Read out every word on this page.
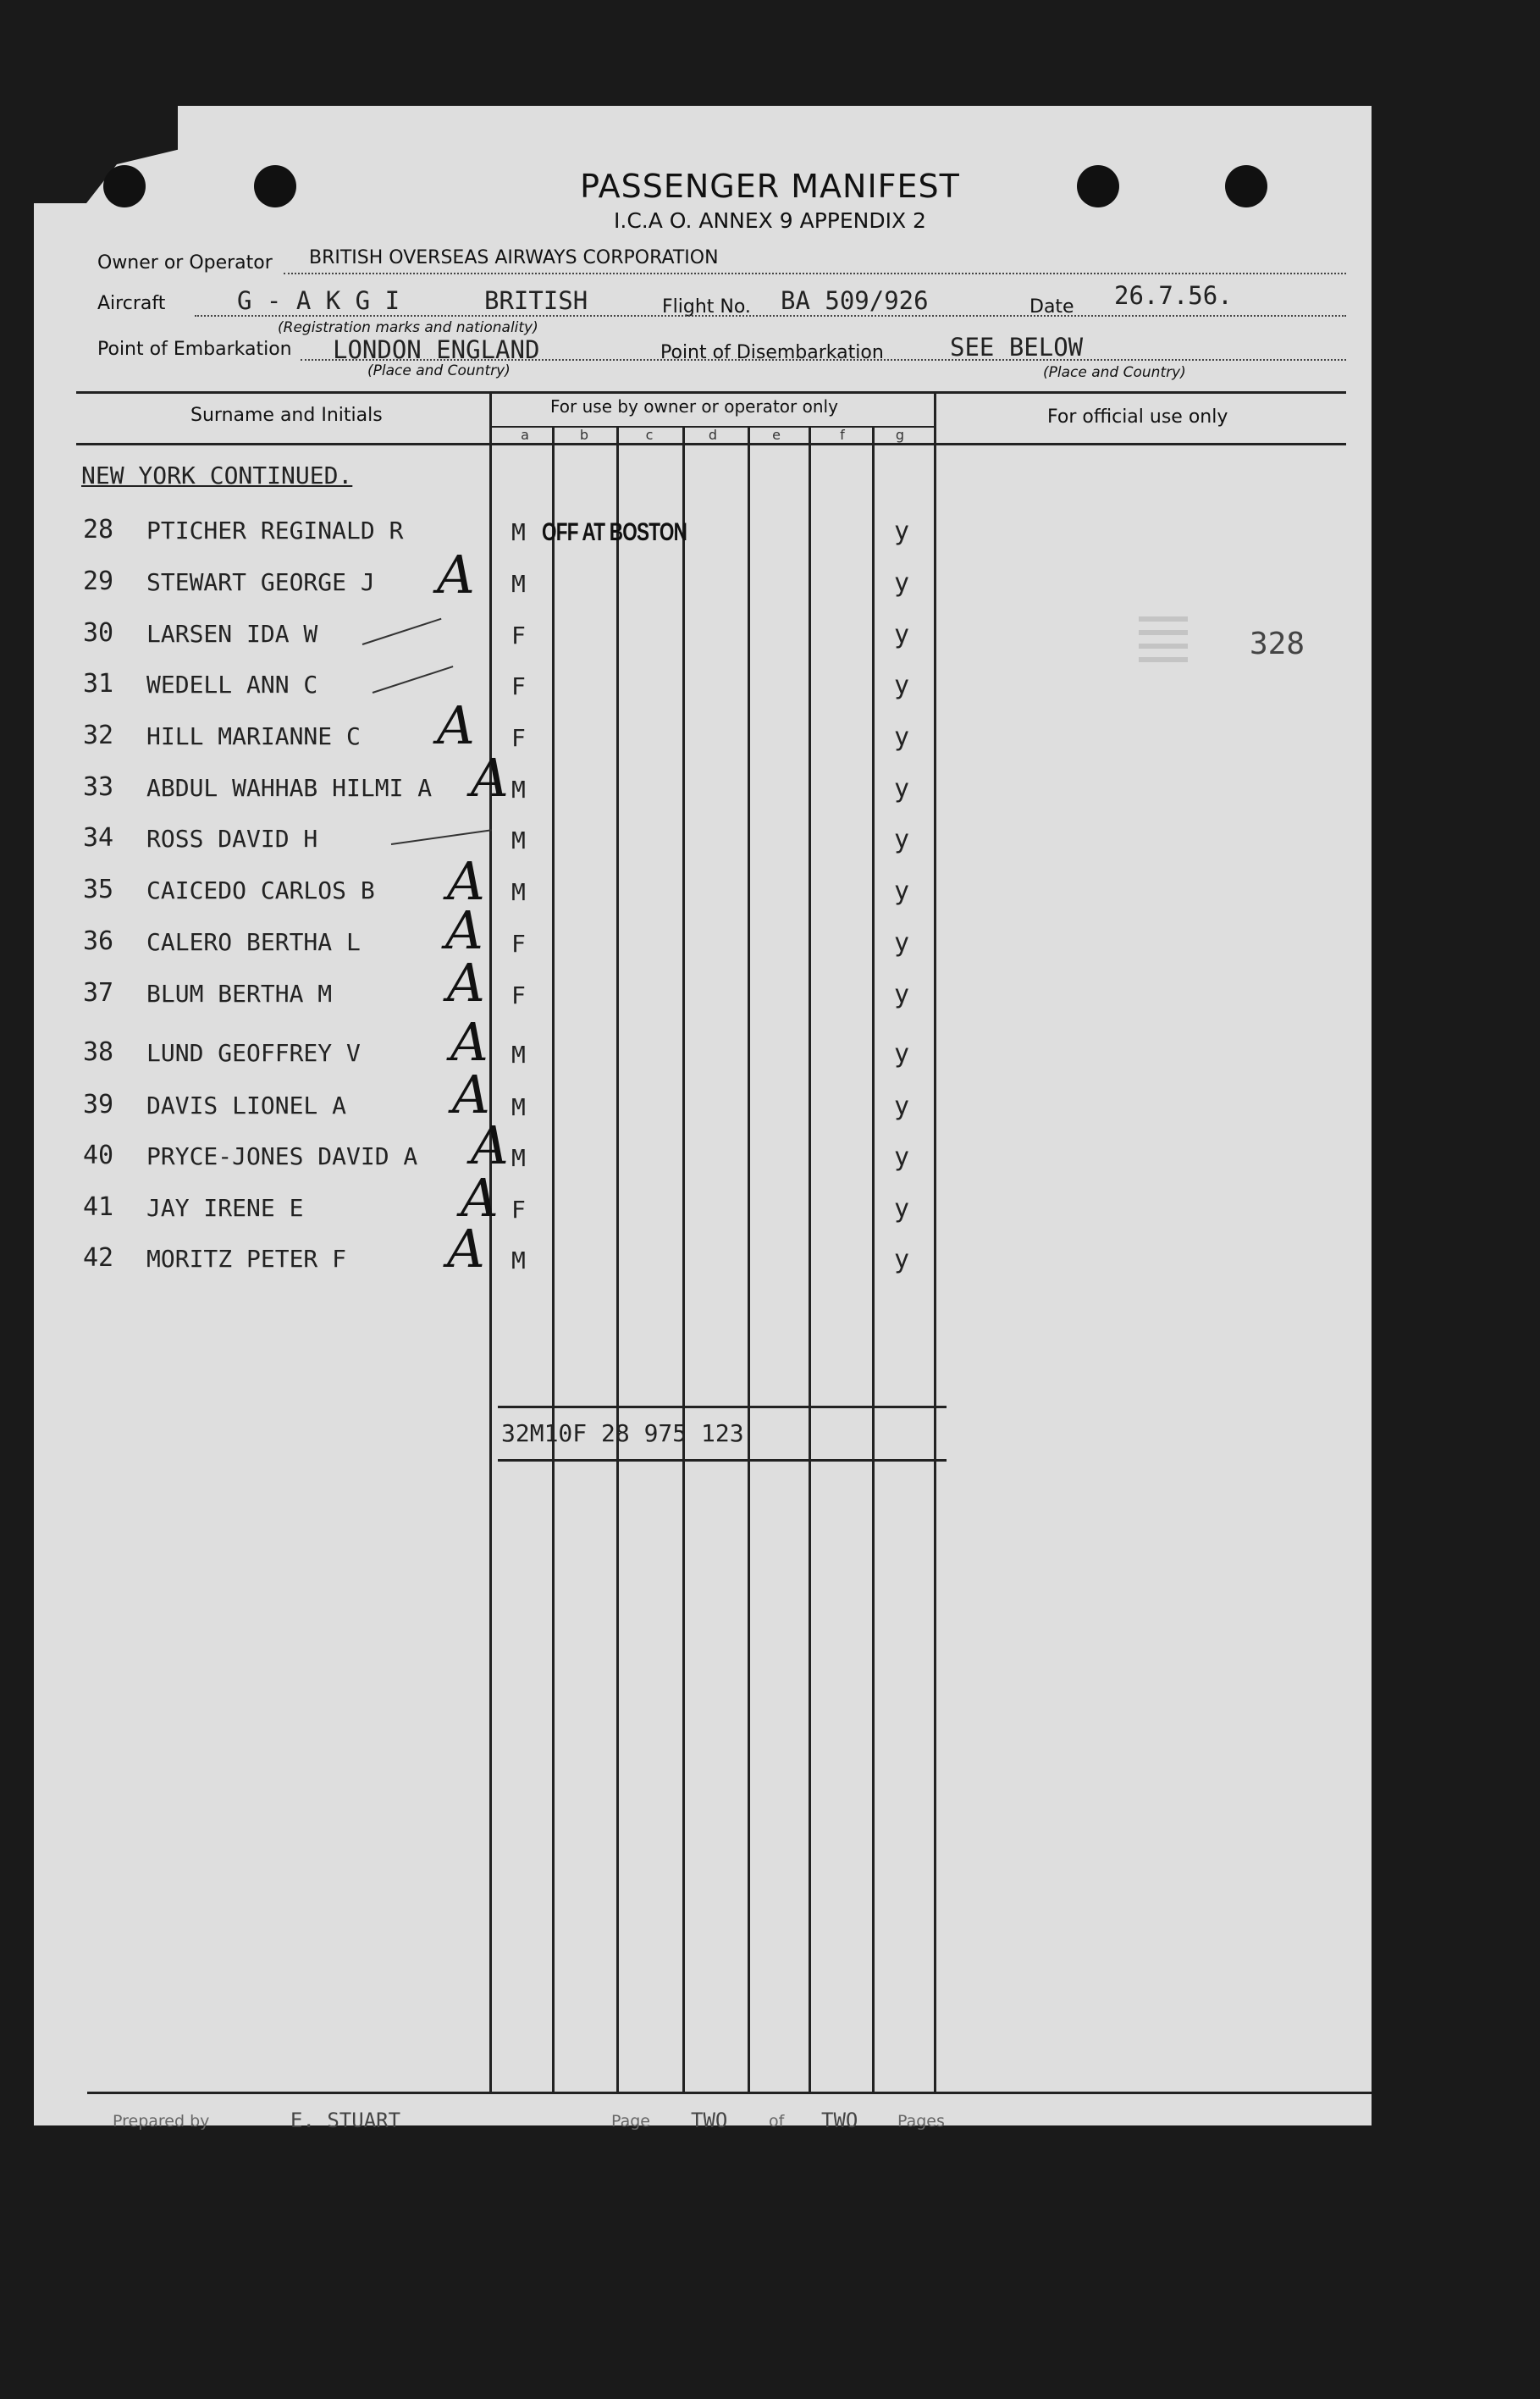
PASSENGER MANIFEST
I.C.A O. ANNEX 9 APPENDIX 2
Owner or Operator BRITISH OVERSEAS AIRWAYS CORPORATION
Aircraft	G - A K G I	BRITISH
(Registration marks and nationality)
Flight No. BA 509/926	Date 26.7.56.
Point of Embarkation LONDON ENGLAND
(Place and Country)
Point of Disembarkation	SEE BELOW
(Place and Country)
Surname and Initials	For use by owner or operator only	For official use only
a	b	c	d	e	f	g
NEW YORK CONTINUED.
28 PTICHER REGINALD R	M	y
OFF AT BOSTON
29 STEWART GEORGE J	M	y
A
30 LARSEN IDA W	F	y
31 WEDELL ANN C	F	y
32 HILL MARIANNE C	F	y
A
33 ABDUL WAHHAB HILMI A	M	y
A
34 ROSS DAVID H	M	y
35 CAICEDO CARLOS B	M	y
A
36 CALERO BERTHA L	F	y
A
37 BLUM BERTHA M	F	y
A
38 LUND GEOFFREY V	M	y
A
39 DAVIS LIONEL A	M	y
A
40 PRYCE-JONES DAVID A	M	y
A
41 JAY IRENE E	F	y
A
42 MORITZ PETER F	M	y
A
32M10F 28 975 123
328
Prepared by	E. STUART	Page TWO	of TWO Pages
